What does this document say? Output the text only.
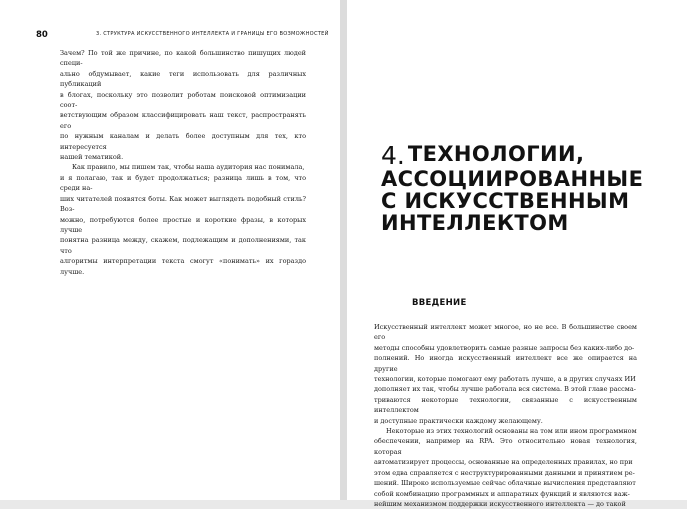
80	3. СТРУКТУРА ИСКУССТВЕННОГО ИНТЕЛЛЕКТА И ГРАНИЦЫ ЕГО ВОЗМОЖНОСТЕЙ
Зачем? По той же причине, по какой большинство пишущих людей специ-
ально обдумывает, какие теги использовать для различных публикаций
в блогах, поскольку это позволит роботам поисковой оптимизации соот-
ветствующим образом классифицировать наш текст, распространять его
по нужным каналам и делать более доступным для тех, кто интересуется
нашей тематикой.
Как правило, мы пишем так, чтобы наша аудитория нас понимала,
и я полагаю, так и будет продолжаться; разница лишь в том, что среди на-
ших читателей появятся боты. Как может выглядеть подобный стиль? Воз-
можно, потребуются более простые и короткие фразы, в которых лучше
понятна разница между, скажем, подлежащим и дополнениями, так что
алгоритмы интерпретации текста смогут «понимать» их гораздо лучше.
4. ТЕХНОЛОГИИ,
АССОЦИИРОВАННЫЕ
С ИСКУССТВЕННЫМ
ИНТЕЛЛЕКТОМ
ВВЕДЕНИЕ
Искусственный интеллект может многое, но не все. В большинстве своем его
методы способны удовлетворить самые разные запросы без каких-либо до-
полнений. Но иногда искусственный интеллект все же опирается на другие
технологии, которые помогают ему работать лучше, а в других случаях ИИ
дополняет их так, чтобы лучше работала вся система. В этой главе рассма-
триваются некоторые технологии, связанные с искусственным интеллектом
и доступные практически каждому желающему.
Некоторые из этих технологий основаны на том или ином программном
обеспечении, например на RPA. Это относительно новая технология, которая
автоматизирует процессы, основанные на определенных правилах, но при
этом едва справляется с неструктурированными данными и принятием ре-
шений. Широко используемые сейчас облачные вычисления представляют
собой комбинацию программных и аппаратных функций и являются важ-
нейшим механизмом поддержки искусственного интеллекта — до такой
